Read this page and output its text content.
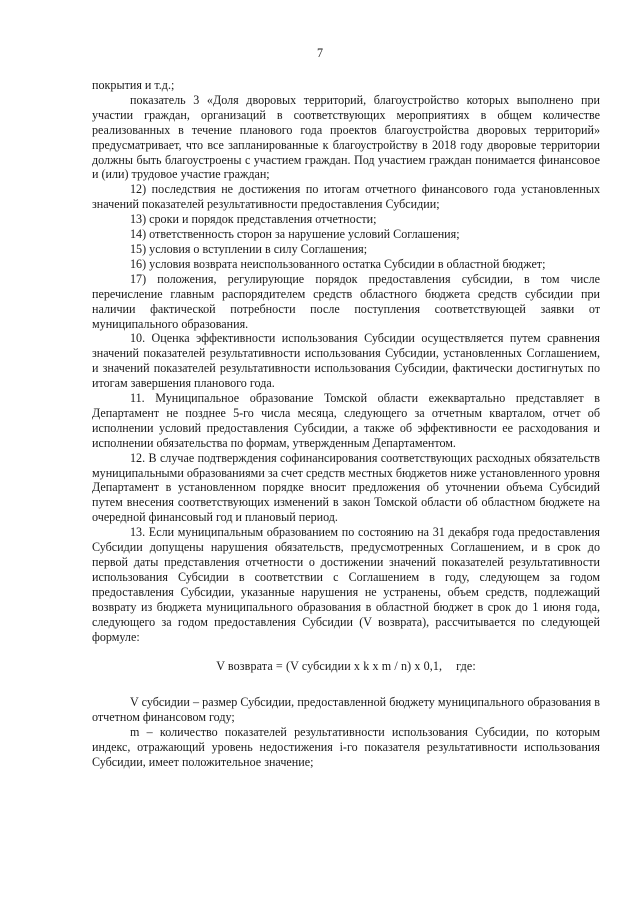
7

покрытия и т.д.;

показатель 3 «Доля дворовых территорий, благоустройство которых выполнено при участии граждан, организаций в соответствующих мероприятиях в общем количестве реализованных в течение планового года проектов благоустройства дворовых территорий» предусматривает, что все запланированные к благоустройству в 2018 году дворовые территории должны быть благоустроены с участием граждан. Под участием граждан понимается финансовое и (или) трудовое участие граждан;

12) последствия не достижения по итогам отчетного финансового года установленных значений показателей результативности предоставления Субсидии;

13) сроки и порядок представления отчетности;

14) ответственность сторон за нарушение условий Соглашения;

15) условия о вступлении в силу Соглашения;

16) условия возврата неиспользованного остатка Субсидии в областной бюджет;

17) положения, регулирующие порядок предоставления субсидии, в том числе перечисление главным распорядителем средств областного бюджета средств субсидии при наличии фактической потребности после поступления соответствующей заявки от муниципального образования.

10. Оценка эффективности использования Субсидии осуществляется путем сравнения значений показателей результативности использования Субсидии, установленных Соглашением, и значений показателей результативности использования Субсидии, фактически достигнутых по итогам завершения планового года.

11. Муниципальное образование Томской области ежеквартально представляет в Департамент не позднее 5-го числа месяца, следующего за отчетным кварталом, отчет об исполнении условий предоставления Субсидии, а также об эффективности ее расходования и исполнении обязательства по формам, утвержденным Департаментом.

12. В случае подтверждения софинансирования соответствующих расходных обязательств муниципальными образованиями за счет средств местных бюджетов ниже установленного уровня Департамент в установленном порядке вносит предложения об уточнении объема Субсидий путем внесения соответствующих изменений в закон Томской области об областном бюджете на очередной финансовый год и плановый период.

13. Если муниципальным образованием по состоянию на 31 декабря года предоставления Субсидии допущены нарушения обязательств, предусмотренных Соглашением, и в срок до первой даты представления отчетности о достижении значений показателей результативности использования Субсидии в соответствии с Соглашением в году, следующем за годом предоставления Субсидии, указанные нарушения не устранены, объем средств, подлежащий возврату из бюджета муниципального образования в областной бюджет в срок до 1 июня года, следующего за годом предоставления Субсидии (V возврата), рассчитывается по следующей формуле:

V возврата = (V субсидии x k x m / n) x 0,1, где:

V субсидии – размер Субсидии, предоставленной бюджету муниципального образования в отчетном финансовом году;

m – количество показателей результативности использования Субсидии, по которым индекс, отражающий уровень недостижения i-го показателя результативности использования Субсидии, имеет положительное значение;
